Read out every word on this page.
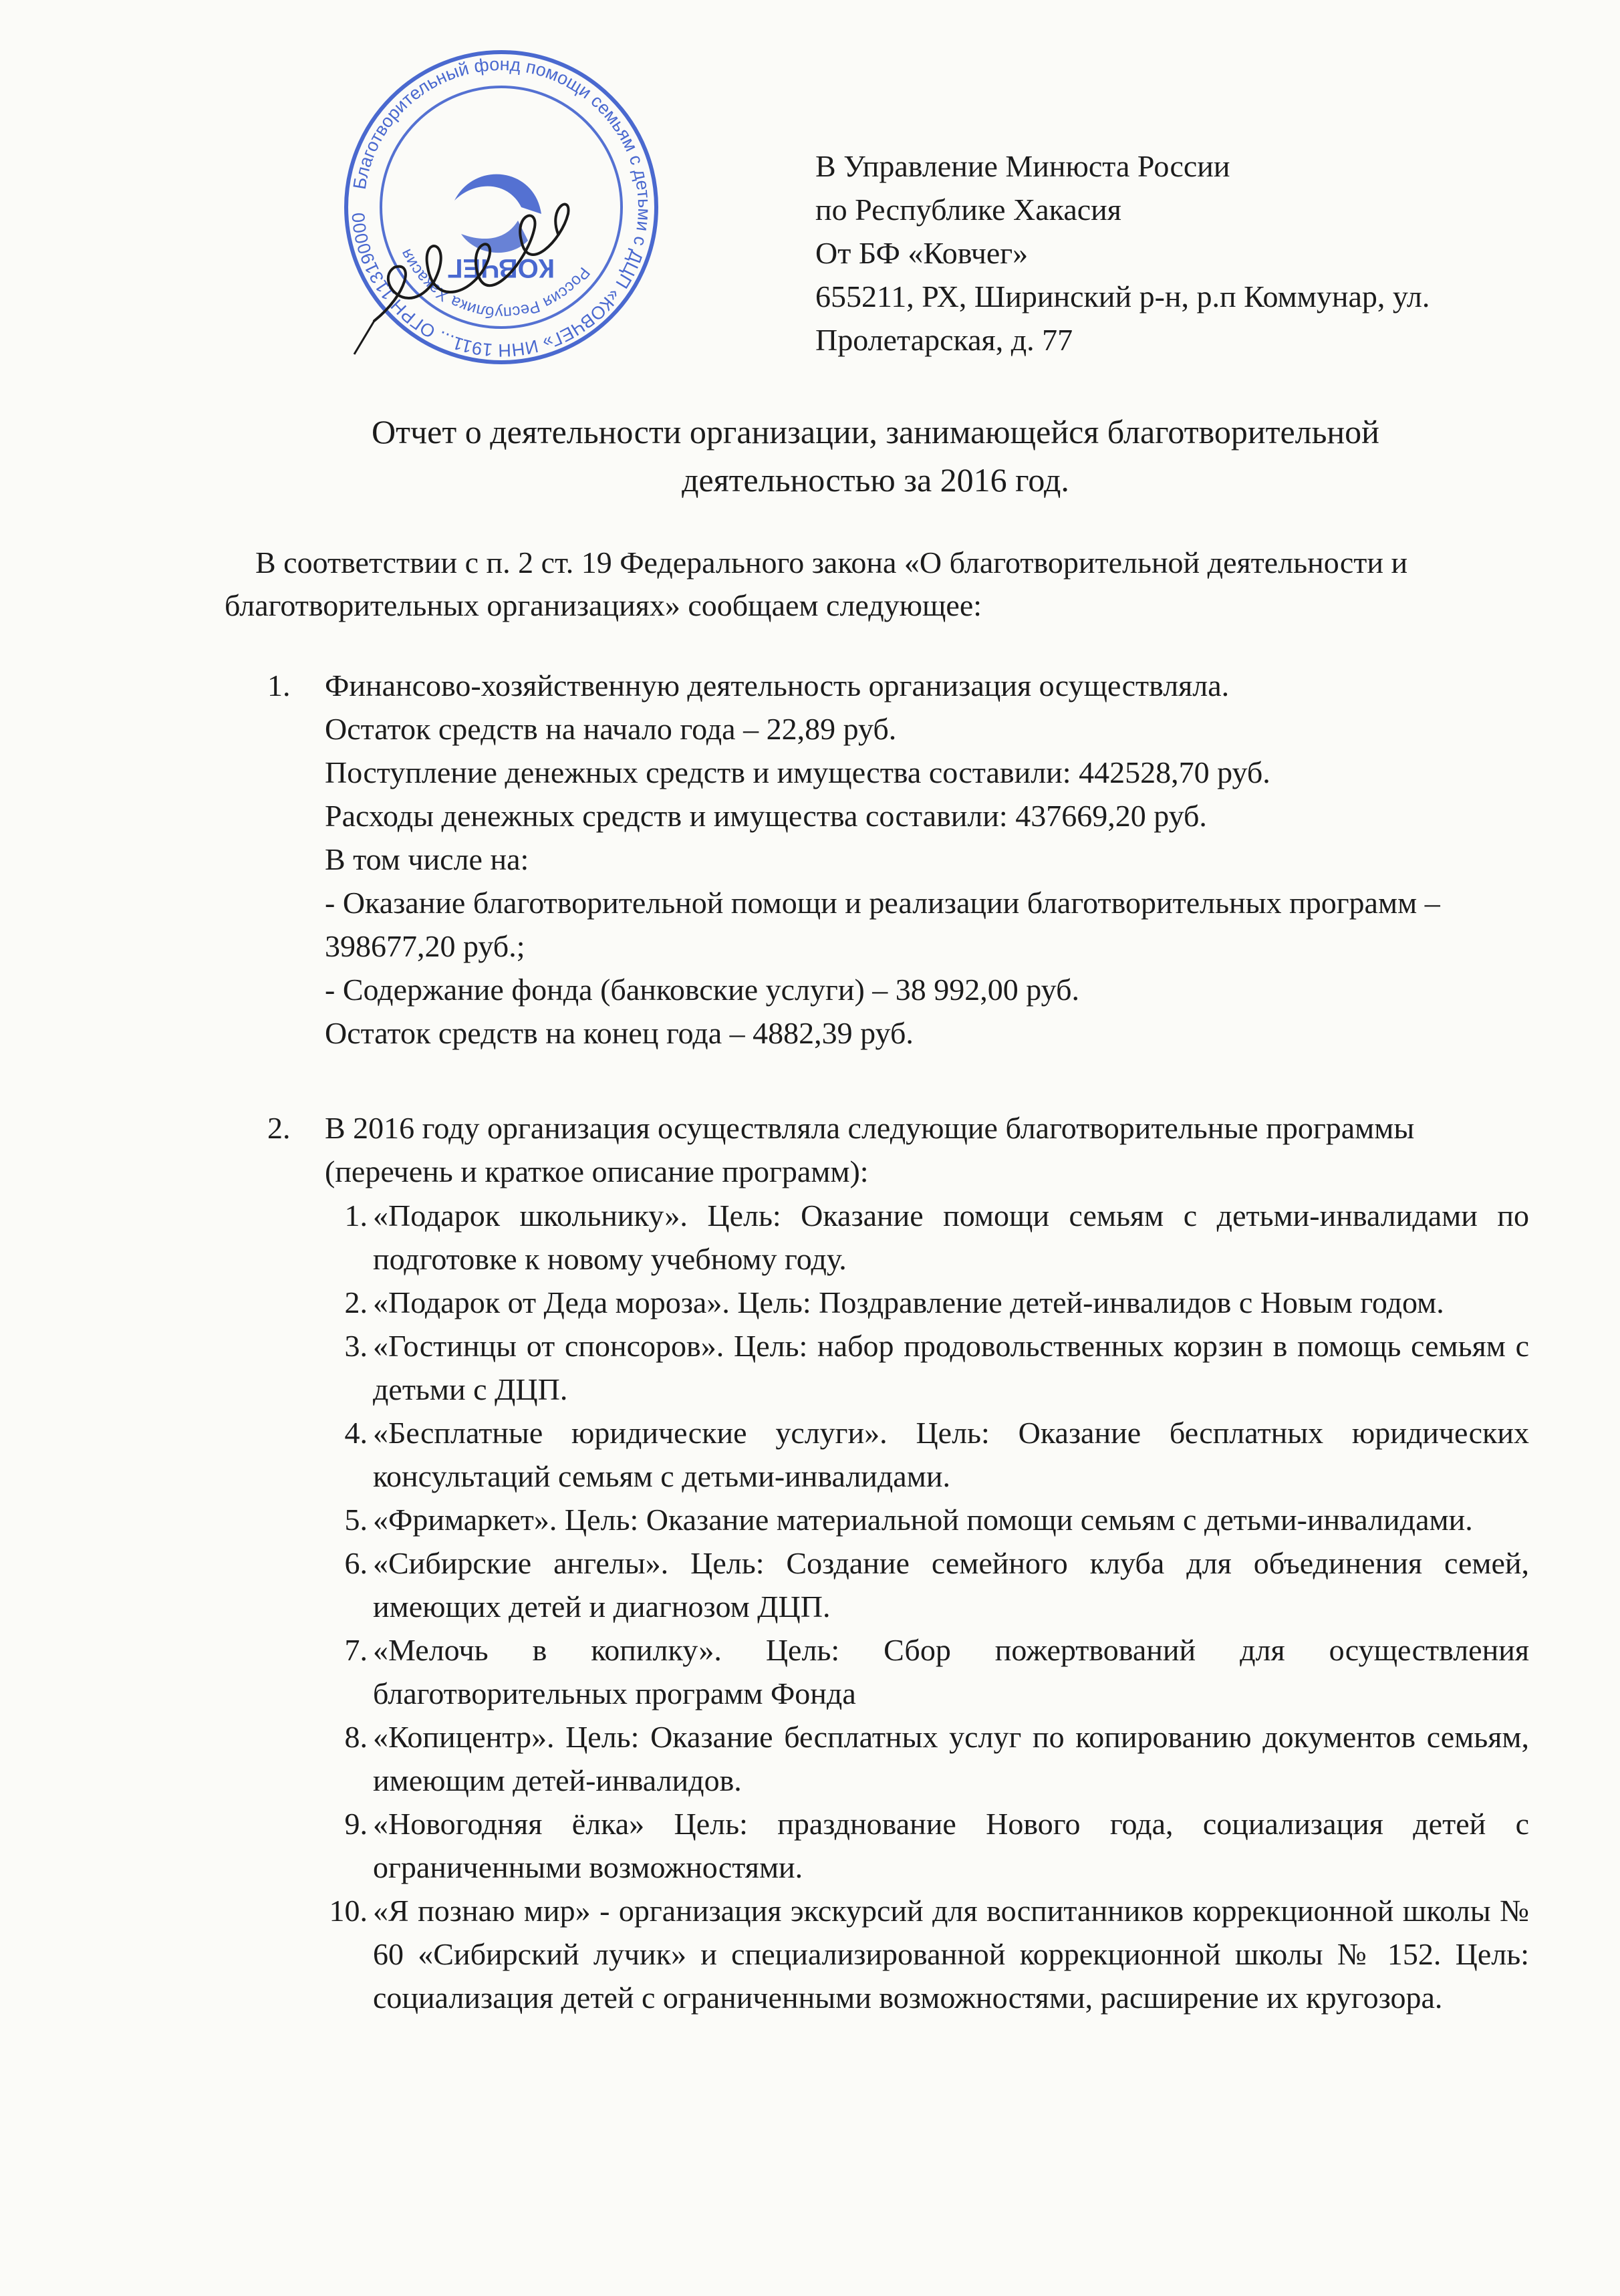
Благотворительный фонд помощи семьям с детьми с ДЦП «КОВЧЕГ» ИНН 1911... ОГРН 113190000
Россия Республика Хакасия	КОВЧЕГ
В Управление Минюста России
по Республике Хакасия
От БФ «Ковчег»
655211, РХ, Ширинский р-н, р.п Коммунар, ул.
Пролетарская, д. 77
Отчет о деятельности организации, занимающейся благотворительной
деятельностью за 2016 год.
В соответствии с п. 2 ст. 19 Федерального закона «О благотворительной деятельности и благотворительных организациях» сообщаем следующее:
1. Финансово-хозяйственную деятельность организация осуществляла.
Остаток средств на начало года – 22,89 руб.
Поступление денежных средств и имущества составили: 442528,70 руб.
Расходы денежных средств и имущества составили: 437669,20 руб.
В том числе на:
- Оказание благотворительной помощи и реализации благотворительных программ – 398677,20 руб.;
- Содержание фонда (банковские услуги) – 38 992,00 руб.
Остаток средств на конец года – 4882,39 руб.
2. В 2016 году организация осуществляла следующие благотворительные программы (перечень и краткое описание программ):
1. «Подарок школьнику». Цель: Оказание помощи семьям с детьми-инвалидами по подготовке к новому учебному году.
2. «Подарок от Деда мороза». Цель: Поздравление детей-инвалидов с Новым годом.
3. «Гостинцы от спонсоров». Цель: набор продовольственных корзин в помощь семьям с детьми с ДЦП.
4. «Бесплатные юридические услуги». Цель: Оказание бесплатных юридических консультаций семьям с детьми-инвалидами.
5. «Фримаркет». Цель: Оказание материальной помощи семьям с детьми-инвалидами.
6. «Сибирские ангелы». Цель: Создание семейного клуба для объединения семей, имеющих детей и диагнозом ДЦП.
7. «Мелочь в копилку». Цель: Сбор пожертвований для осуществления благотворительных программ Фонда
8. «Копицентр». Цель: Оказание бесплатных услуг по копированию документов семьям, имеющим детей-инвалидов.
9. «Новогодняя ёлка» Цель: празднование Нового года, социализация детей с ограниченными возможностями.
10. «Я познаю мир» - организация экскурсий для воспитанников коррекционной школы № 60 «Сибирский лучик» и специализированной коррекционной школы № 152. Цель: социализация детей с ограниченными возможностями, расширение их кругозора.
